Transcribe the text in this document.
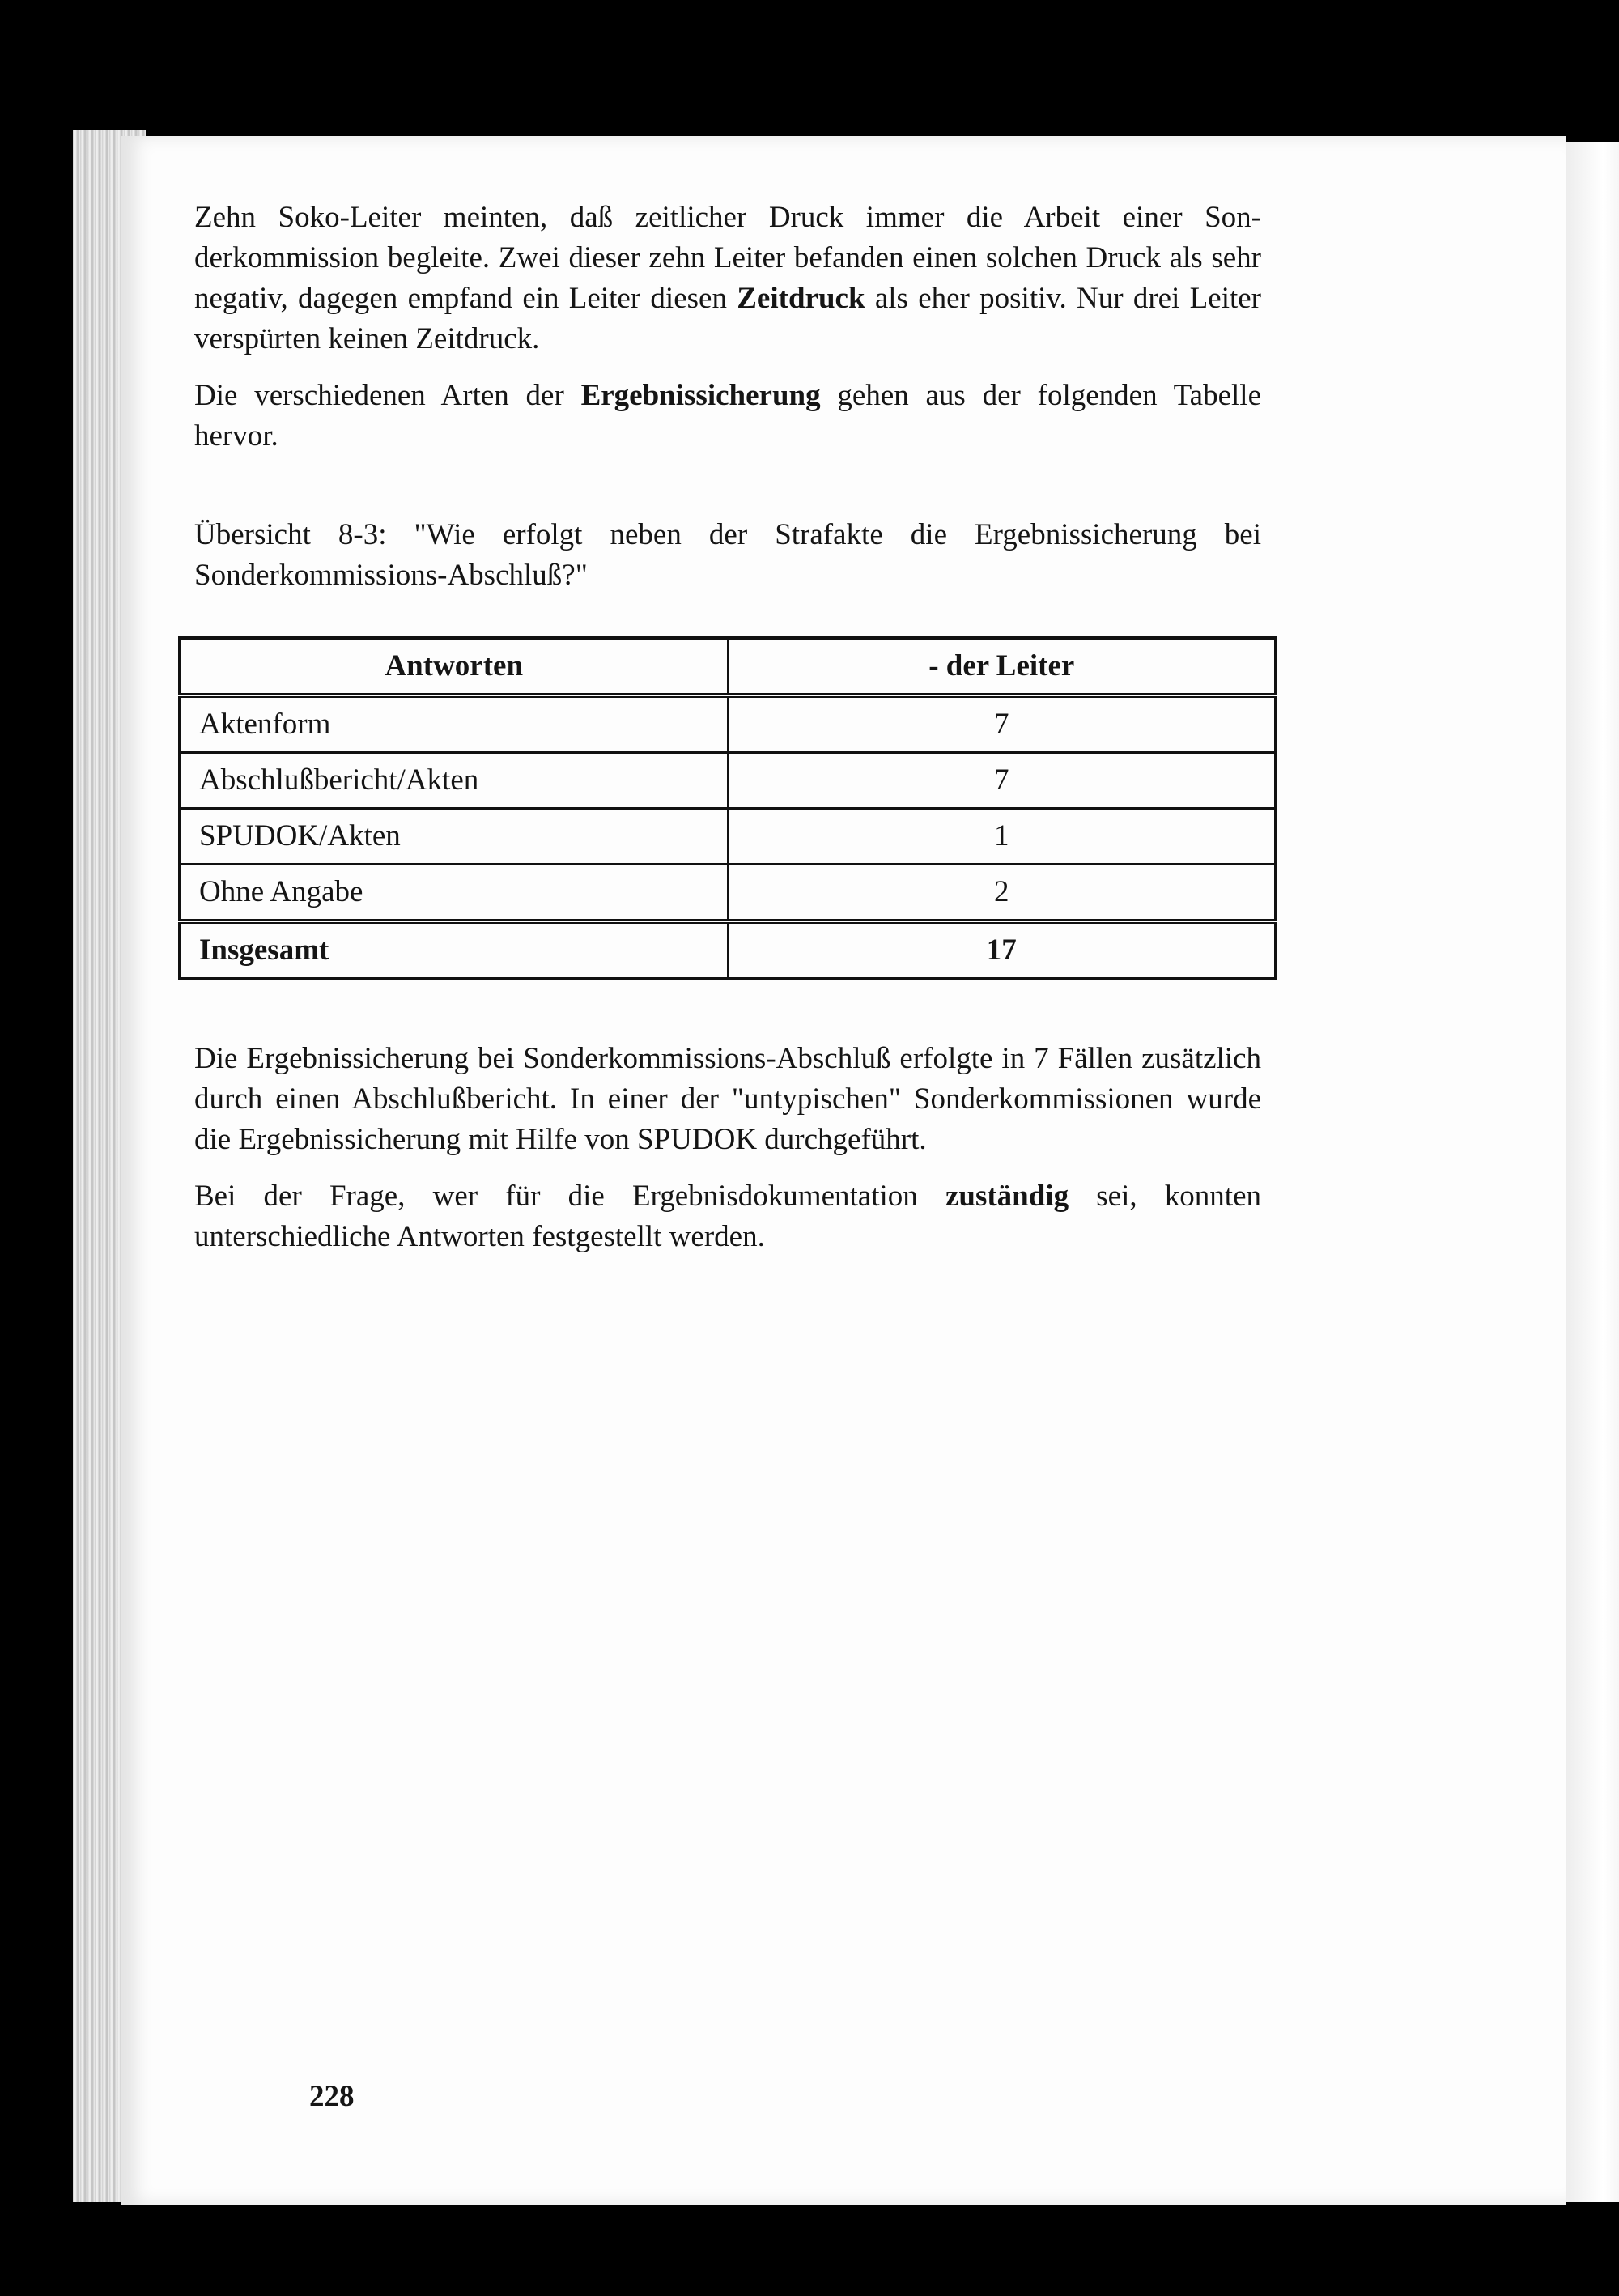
Zehn Soko-Leiter meinten, daß zeitlicher Druck immer die Arbeit einer Sonderkommission begleite. Zwei dieser zehn Leiter befanden einen solchen Druck als sehr negativ, dagegen empfand ein Leiter diesen Zeitdruck als eher positiv. Nur drei Leiter verspürten keinen Zeitdruck.

Die verschiedenen Arten der Ergebnissicherung gehen aus der folgenden Tabelle hervor.

Übersicht 8-3: "Wie erfolgt neben der Strafakte die Ergebnissicherung bei Sonderkommissions-Abschluß?"

Antworten	- der Leiter
Aktenform	7
Abschlußbericht/Akten	7
SPUDOK/Akten	1
Ohne Angabe	2
Insgesamt	17

Die Ergebnissicherung bei Sonderkommissions-Abschluß erfolgte in 7 Fällen zusätzlich durch einen Abschlußbericht. In einer der "untypischen" Sonderkommissionen wurde die Ergebnissicherung mit Hilfe von SPUDOK durchgeführt.

Bei der Frage, wer für die Ergebnisdokumentation zuständig sei, konnten unterschiedliche Antworten festgestellt werden.

228
